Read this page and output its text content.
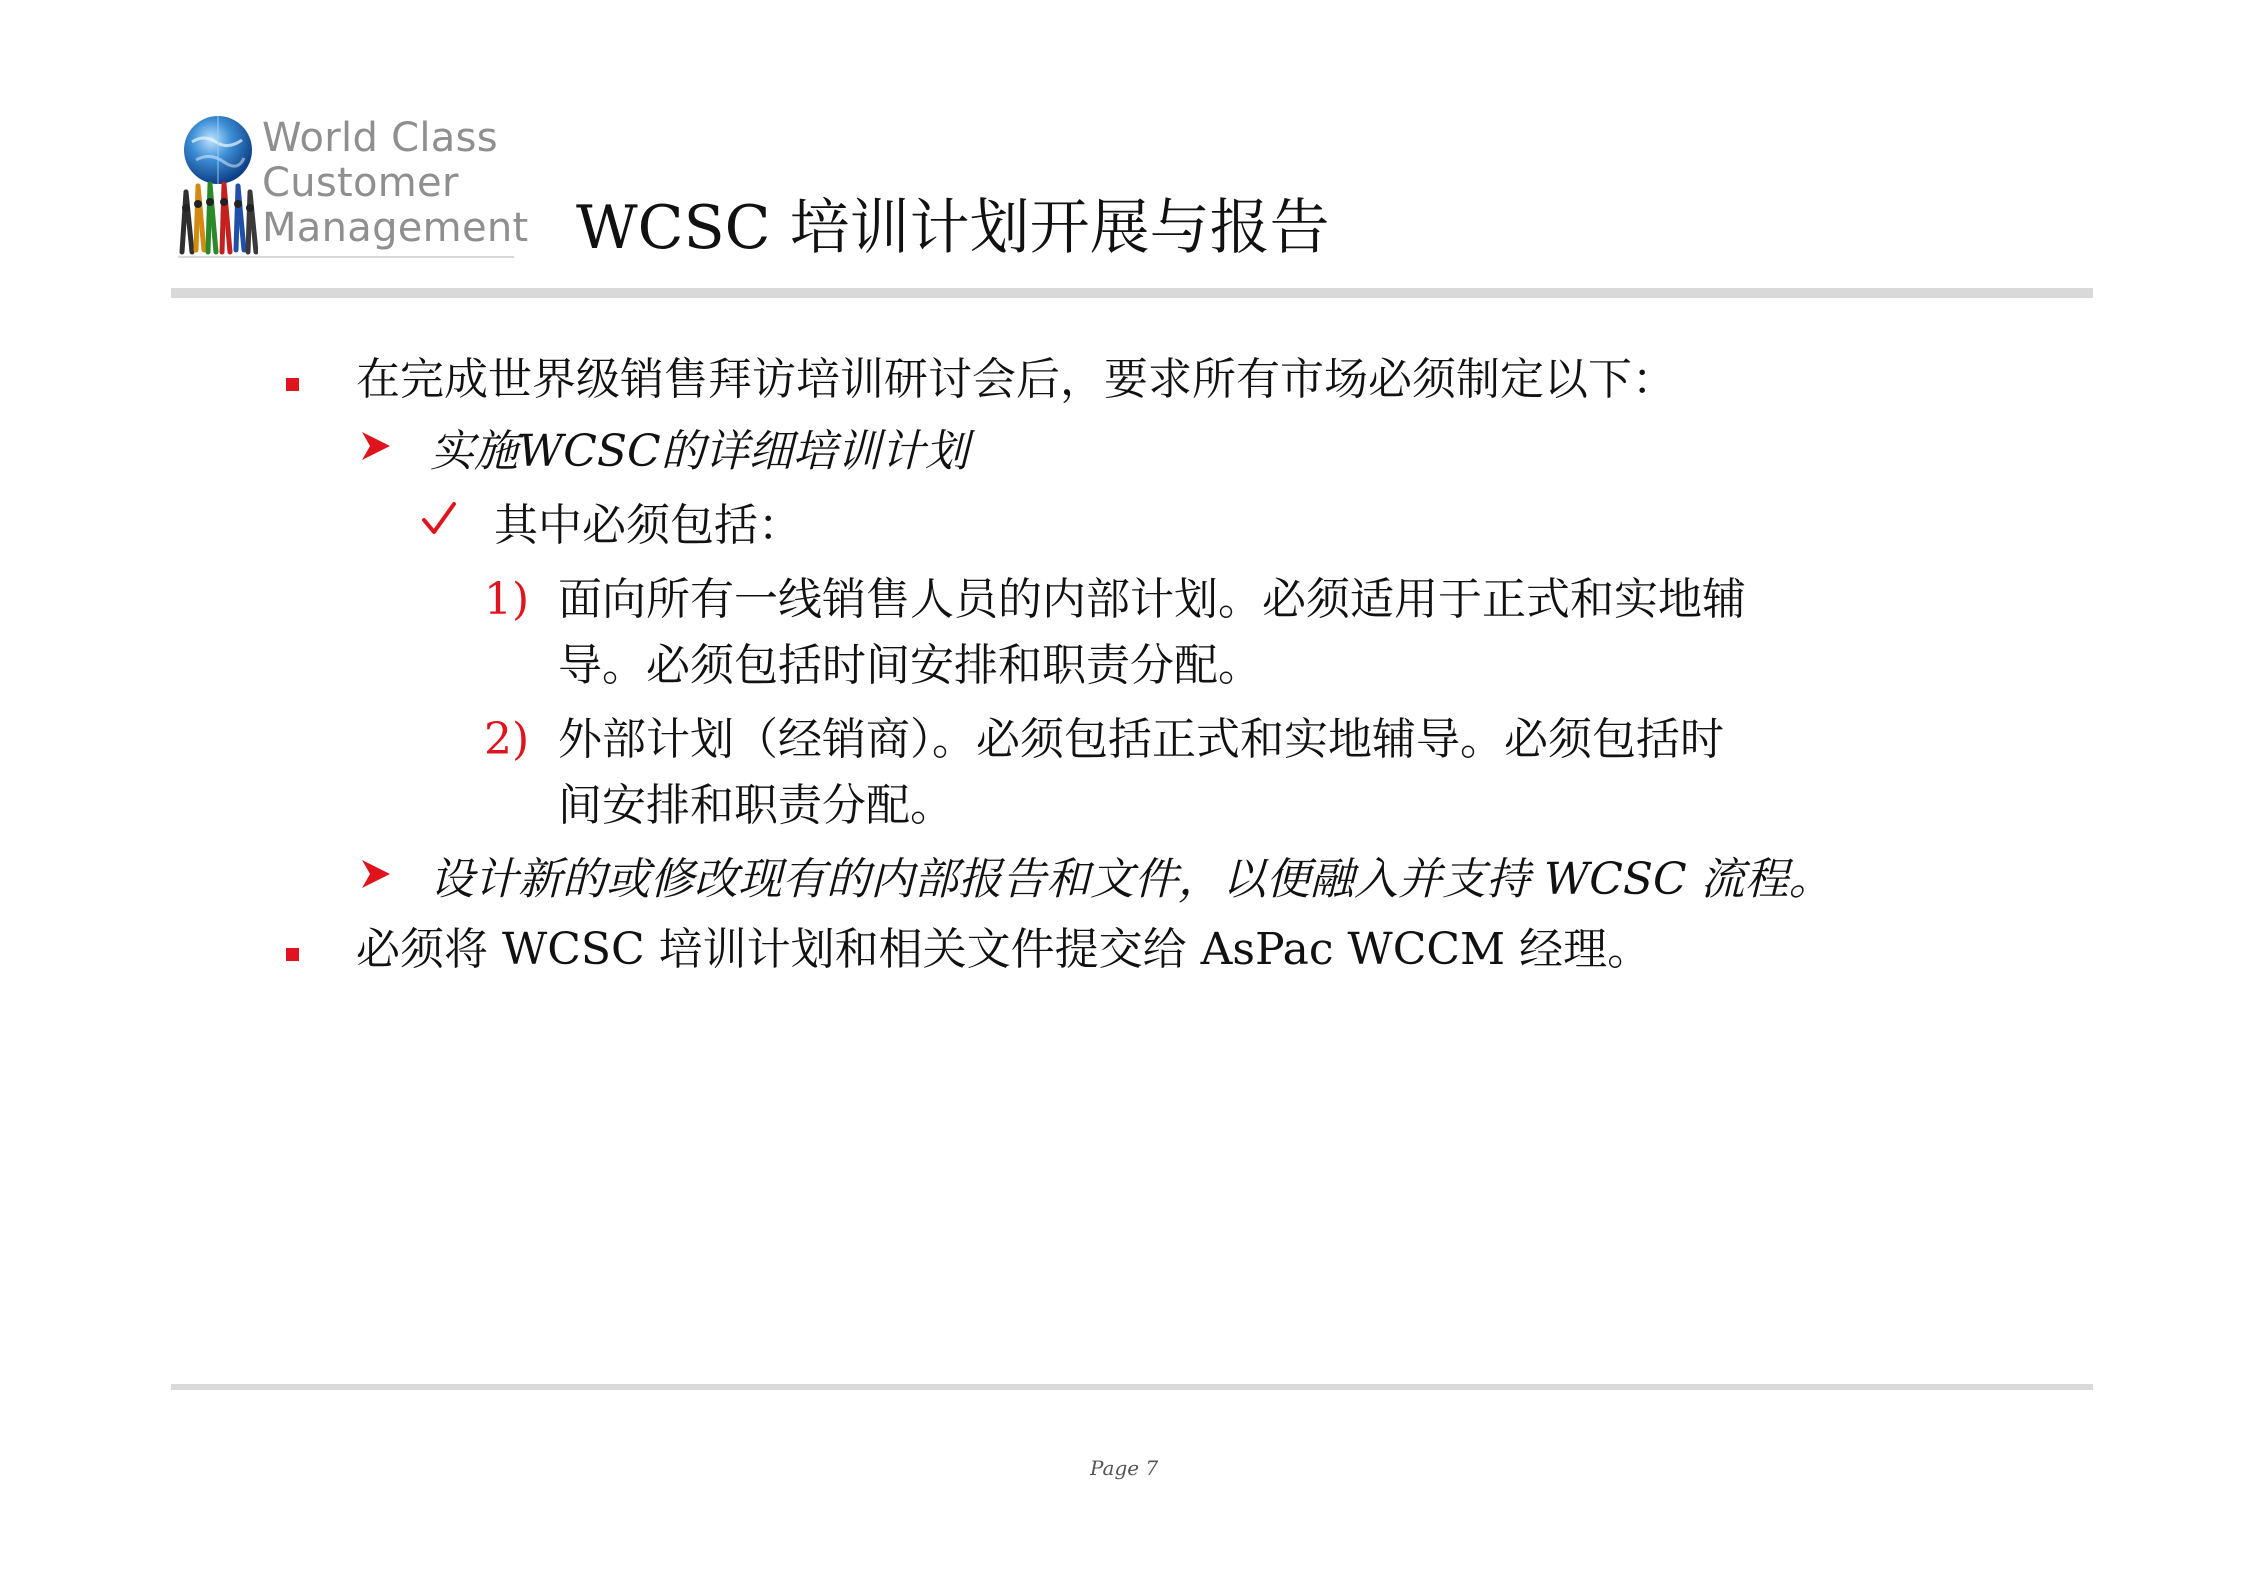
World Class
Customer
Management WCSC 培训计划开展与报告
在完成世界级销售拜访培训研讨会后，要求所有市场必须制定以下：
实施WCSC的详细培训计划
其中必须包括：
1) 面向所有一线销售人员的内部计划。必须适用于正式和实地辅
导。必须包括时间安排和职责分配。
2) 外部计划（经销商）。必须包括正式和实地辅导。必须包括时
间安排和职责分配。
设计新的或修改现有的内部报告和文件，以便融入并支持 WCSC 流程。
必须将 WCSC 培训计划和相关文件提交给 AsPac WCCM 经理。
Page 7
